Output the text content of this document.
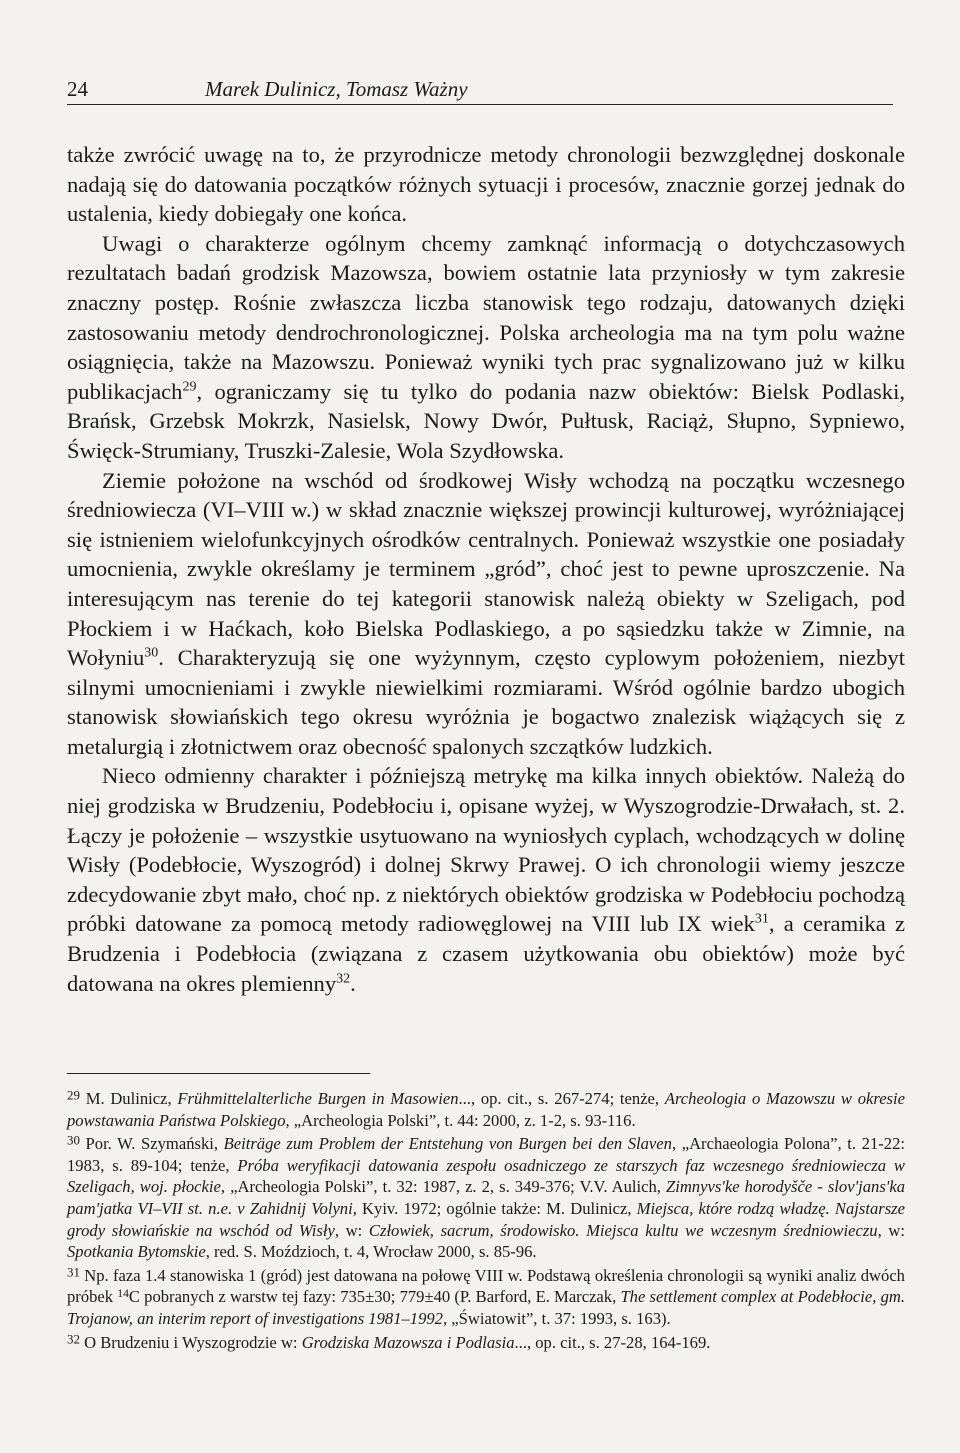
24	Marek Dulinicz, Tomasz Ważny

także zwrócić uwagę na to, że przyrodnicze metody chronologii bezwzględnej doskonale nadają się do datowania początków różnych sytuacji i procesów, znacznie gorzej jednak do ustalenia, kiedy dobiegały one końca.

Uwagi o charakterze ogólnym chcemy zamknąć informacją o dotychczasowych rezultatach badań grodzisk Mazowsza, bowiem ostatnie lata przyniosły w tym zakresie znaczny postęp. Rośnie zwłaszcza liczba stanowisk tego rodzaju, datowanych dzięki zastosowaniu metody dendrochronologicznej. Polska archeologia ma na tym polu ważne osiągnięcia, także na Mazowszu. Ponieważ wyniki tych prac sygnalizowano już w kilku publikacjach$^{29}$, ograniczamy się tu tylko do podania nazw obiektów: Bielsk Podlaski, Brańsk, Grzebsk Mokrzk, Nasielsk, Nowy Dwór, Pułtusk, Raciąż, Słupno, Sypniewo, Święck-Strumiany, Truszki-Zalesie, Wola Szydłowska.

Ziemie położone na wschód od środkowej Wisły wchodzą na początku wczesnego średniowiecza (VI–VIII w.) w skład znacznie większej prowincji kulturowej, wyróżniającej się istnieniem wielofunkcyjnych ośrodków centralnych. Ponieważ wszystkie one posiadały umocnienia, zwykle określamy je terminem „gród”, choć jest to pewne uproszczenie. Na interesującym nas terenie do tej kategorii stanowisk należą obiekty w Szeligach, pod Płockiem i w Haćkach, koło Bielska Podlaskiego, a po sąsiedzku także w Zimnie, na Wołyniu$^{30}$. Charakteryzują się one wyżynnym, często cyplowym położeniem, niezbyt silnymi umocnieniami i zwykle niewielkimi rozmiarami. Wśród ogólnie bardzo ubogich stanowisk słowiańskich tego okresu wyróżnia je bogactwo znalezisk wiążących się z metalurgią i złotnictwem oraz obecność spalonych szczątków ludzkich.

Nieco odmienny charakter i późniejszą metrykę ma kilka innych obiektów. Należą do niej grodziska w Brudzeniu, Podebłociu i, opisane wyżej, w Wyszogrodzie-Drwałach, st. 2. Łączy je położenie – wszystkie usytuowano na wyniosłych cyplach, wchodzących w dolinę Wisły (Podebłocie, Wyszogród) i dolnej Skrwy Prawej. O ich chronologii wiemy jeszcze zdecydowanie zbyt mało, choć np. z niektórych obiektów grodziska w Podebłociu pochodzą próbki datowane za pomocą metody radiowęglowej na VIII lub IX wiek$^{31}$, a ceramika z Brudzenia i Podebłocia (związana z czasem użytkowania obu obiektów) może być datowana na okres plemienny$^{32}$.

$^{29}$ M. Dulinicz, Frühmittelalterliche Burgen in Masowien..., op. cit., s. 267-274; tenże, Archeologia o Mazowszu w okresie powstawania Państwa Polskiego, „Archeologia Polski”, t. 44: 2000, z. 1-2, s. 93-116.

$^{30}$ Por. W. Szymański, Beiträge zum Problem der Entstehung von Burgen bei den Slaven, „Archaeologia Polona”, t. 21-22: 1983, s. 89-104; tenże, Próba weryfikacji datowania zespołu osadniczego ze starszych faz wczesnego średniowiecza w Szeligach, woj. płockie, „Archeologia Polski”, t. 32: 1987, z. 2, s. 349-376; V.V. Aulich, Zimnyvs'ke horodyšče - slov'jans'ka pam'jatka VI–VII st. n.e. v Zahidnij Volyni, Kyiv. 1972; ogólnie także: M. Dulinicz, Miejsca, które rodzą władzę. Najstarsze grody słowiańskie na wschód od Wisły, w: Człowiek, sacrum, środowisko. Miejsca kultu we wczesnym średniowieczu, w: Spotkania Bytomskie, red. S. Moździoch, t. 4, Wrocław 2000, s. 85-96.

$^{31}$ Np. faza 1.4 stanowiska 1 (gród) jest datowana na połowę VIII w. Podstawą określenia chronologii są wyniki analiz dwóch próbek $^{14}$C pobranych z warstw tej fazy: 735±30; 779±40 (P. Barford, E. Marczak, The settlement complex at Podebłocie, gm. Trojanow, an interim report of investigations 1981–1992, „Światowit”, t. 37: 1993, s. 163).

$^{32}$ O Brudzeniu i Wyszogrodzie w: Grodziska Mazowsza i Podlasia..., op. cit., s. 27-28, 164-169.
